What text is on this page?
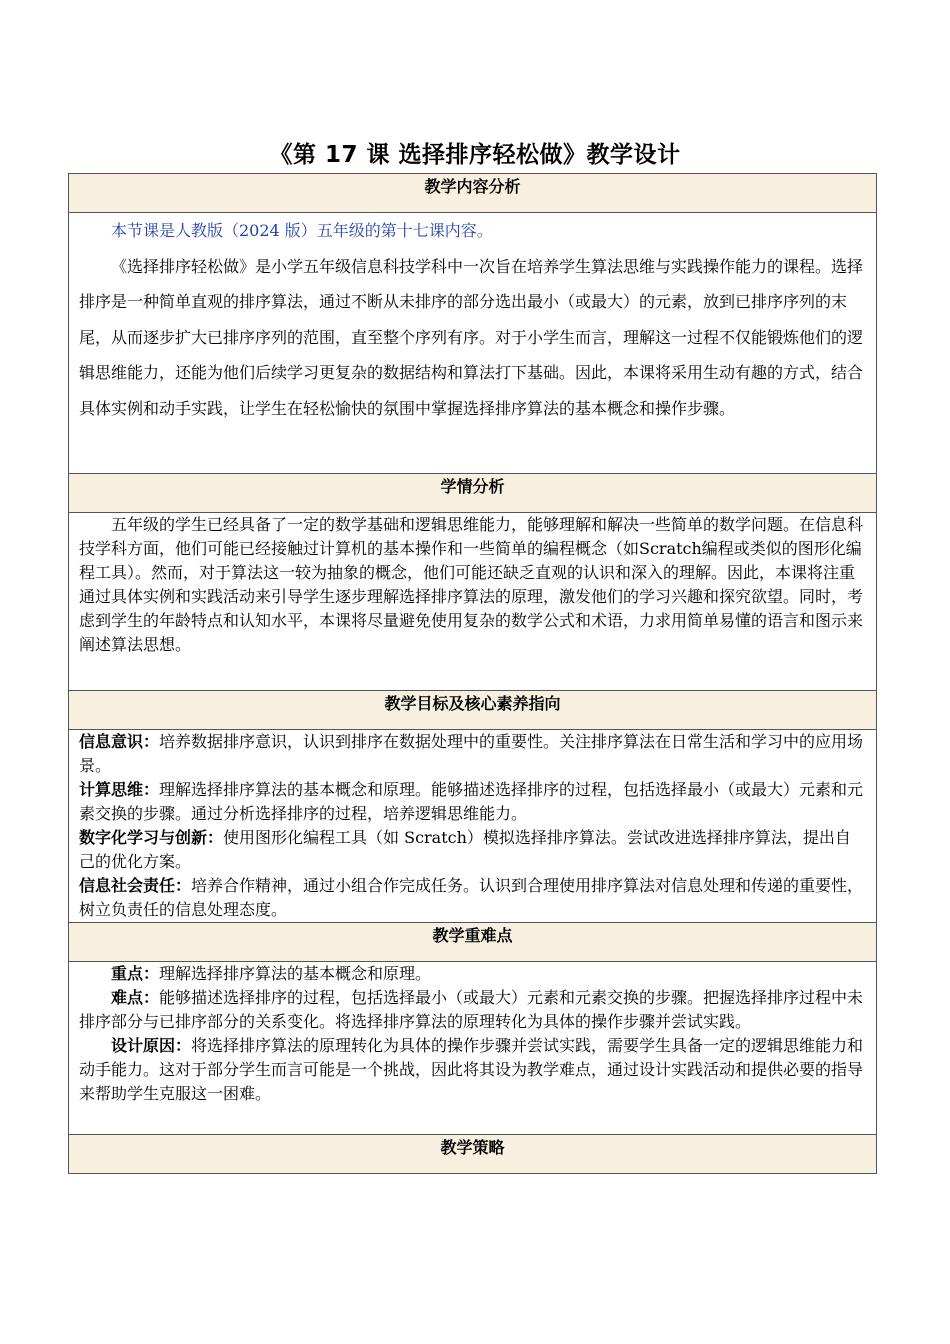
《第 17 课 选择排序轻松做》教学设计
教学内容分析

本节课是人教版（2024 版）五年级的第十七课内容。

《选择排序轻松做》是小学五年级信息科技学科中一次旨在培养学生算法思维与实践操作能力的课程。选择排序是一种简单直观的排序算法，通过不断从未排序的部分选出最小（或最大）的元素，放到已排序序列的末尾，从而逐步扩大已排序序列的范围，直至整个序列有序。对于小学生而言，理解这一过程不仅能锻炼他们的逻辑思维能力，还能为他们后续学习更复杂的数据结构和算法打下基础。因此，本课将采用生动有趣的方式，结合具体实例和动手实践，让学生在轻松愉快的氛围中掌握选择排序算法的基本概念和操作步骤。

学情分析

五年级的学生已经具备了一定的数学基础和逻辑思维能力，能够理解和解决一些简单的数学问题。在信息科技学科方面，他们可能已经接触过计算机的基本操作和一些简单的编程概念（如Scratch编程或类似的图形化编程工具）。然而，对于算法这一较为抽象的概念，他们可能还缺乏直观的认识和深入的理解。因此，本课将注重通过具体实例和实践活动来引导学生逐步理解选择排序算法的原理，激发他们的学习兴趣和探究欲望。同时，考虑到学生的年龄特点和认知水平，本课将尽量避免使用复杂的数学公式和术语，力求用简单易懂的语言和图示来阐述算法思想。

教学目标及核心素养指向

信息意识：培养数据排序意识，认识到排序在数据处理中的重要性。关注排序算法在日常生活和学习中的应用场景。

计算思维：理解选择排序算法的基本概念和原理。能够描述选择排序的过程，包括选择最小（或最大）元素和元素交换的步骤。通过分析选择排序的过程，培养逻辑思维能力。

数字化学习与创新：使用图形化编程工具（如 Scratch）模拟选择排序算法。尝试改进选择排序算法，提出自己的优化方案。

信息社会责任：培养合作精神，通过小组合作完成任务。认识到合理使用排序算法对信息处理和传递的重要性，树立负责任的信息处理态度。

教学重难点

重点：理解选择排序算法的基本概念和原理。

难点：能够描述选择排序的过程，包括选择最小（或最大）元素和元素交换的步骤。把握选择排序过程中未排序部分与已排序部分的关系变化。将选择排序算法的原理转化为具体的操作步骤并尝试实践。

设计原因：将选择排序算法的原理转化为具体的操作步骤并尝试实践，需要学生具备一定的逻辑思维能力和动手能力。这对于部分学生而言可能是一个挑战，因此将其设为教学难点，通过设计实践活动和提供必要的指导来帮助学生克服这一困难。

教学策略
